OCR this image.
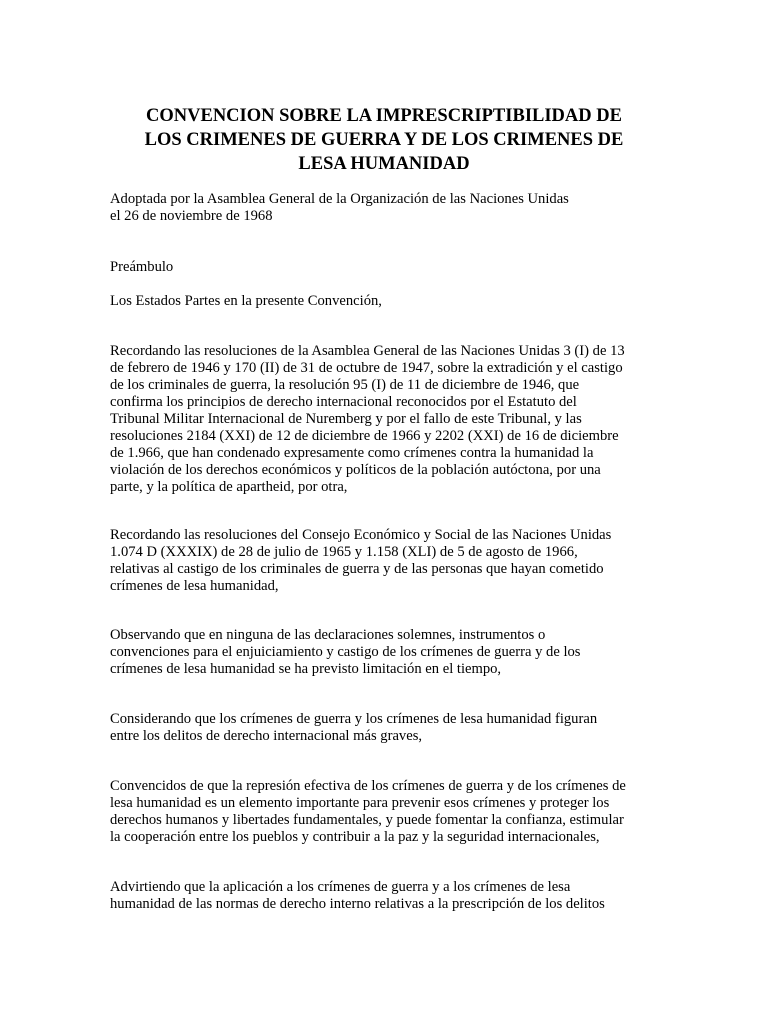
CONVENCION SOBRE LA IMPRESCRIPTIBILIDAD DE
LOS CRIMENES DE GUERRA Y DE LOS CRIMENES DE
LESA HUMANIDAD

Adoptada por la Asamblea General de la Organización de las Naciones Unidas
el 26 de noviembre de 1968

Preámbulo

Los Estados Partes en la presente Convención,

Recordando las resoluciones de la Asamblea General de las Naciones Unidas 3 (I) de 13
de febrero de 1946 y 170 (II) de 31 de octubre de 1947, sobre la extradición y el castigo
de los criminales de guerra, la resolución 95 (I) de 11 de diciembre de 1946, que
confirma los principios de derecho internacional reconocidos por el Estatuto del
Tribunal Militar Internacional de Nuremberg y por el fallo de este Tribunal, y las
resoluciones 2184 (XXI) de 12 de diciembre de 1966 y 2202 (XXI) de 16 de diciembre
de 1.966, que han condenado expresamente como crímenes contra la humanidad la
violación de los derechos económicos y políticos de la población autóctona, por una
parte, y la política de apartheid, por otra,

Recordando las resoluciones del Consejo Económico y Social de las Naciones Unidas
1.074 D (XXXIX) de 28 de julio de 1965 y 1.158 (XLI) de 5 de agosto de 1966,
relativas al castigo de los criminales de guerra y de las personas que hayan cometido
crímenes de lesa humanidad,

Observando que en ninguna de las declaraciones solemnes, instrumentos o
convenciones para el enjuiciamiento y castigo de los crímenes de guerra y de los
crímenes de lesa humanidad se ha previsto limitación en el tiempo,

Considerando que los crímenes de guerra y los crímenes de lesa humanidad figuran
entre los delitos de derecho internacional más graves,

Convencidos de que la represión efectiva de los crímenes de guerra y de los crímenes de
lesa humanidad es un elemento importante para prevenir esos crímenes y proteger los
derechos humanos y libertades fundamentales, y puede fomentar la confianza, estimular
la cooperación entre los pueblos y contribuir a la paz y la seguridad internacionales,

Advirtiendo que la aplicación a los crímenes de guerra y a los crímenes de lesa
humanidad de las normas de derecho interno relativas a la prescripción de los delitos
